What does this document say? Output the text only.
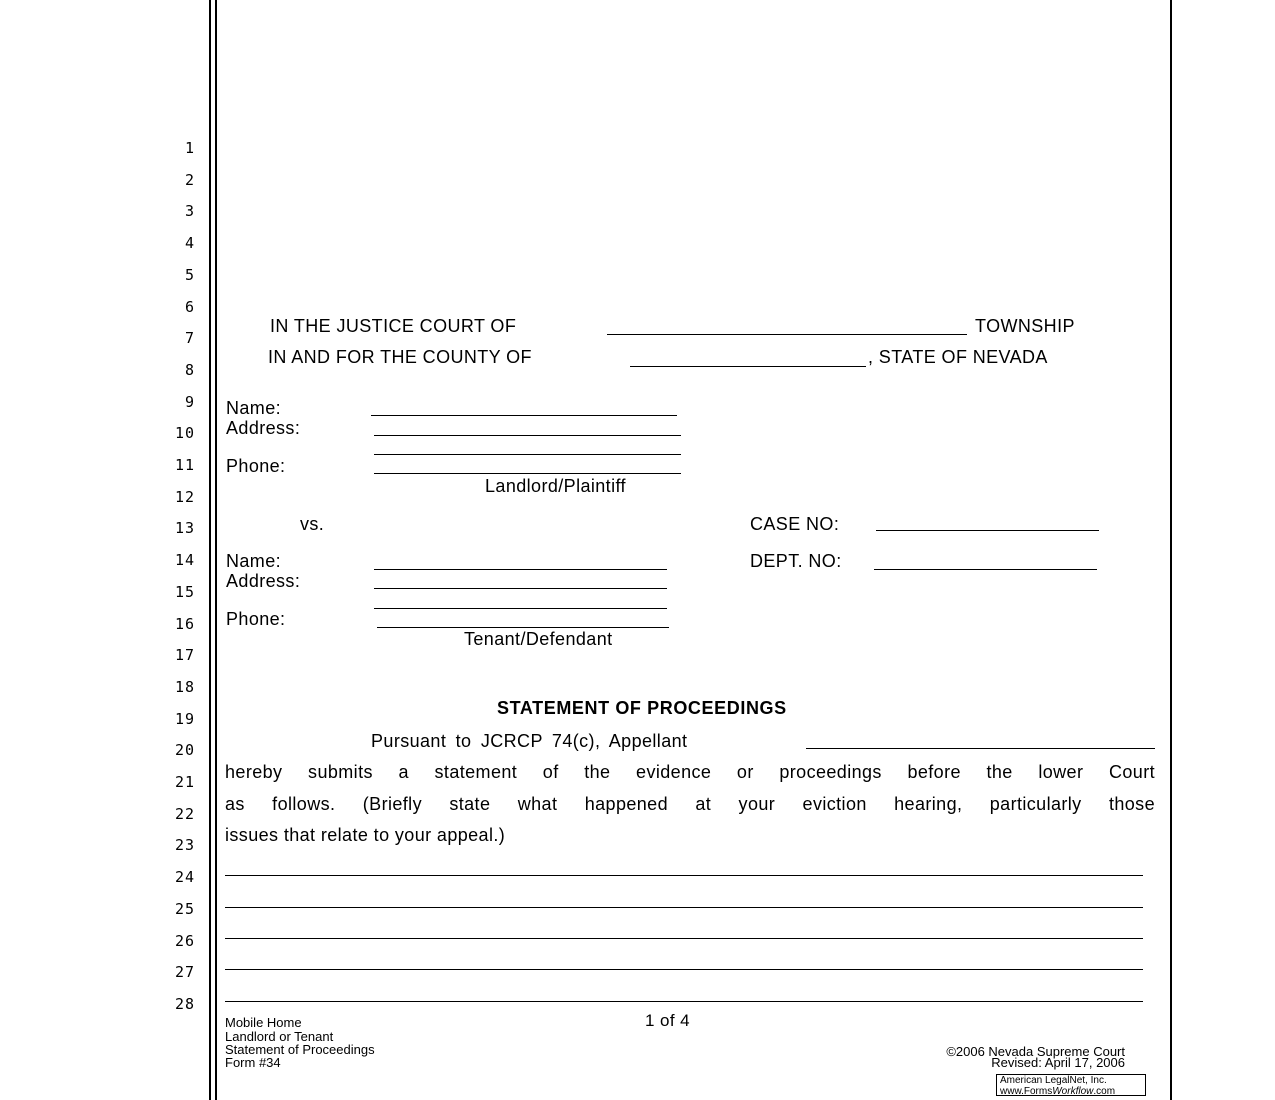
1
2
3
4
5
6
7
8
9
10
11
12
13
14
15
16
17
18
19
20
21
22
23
24
25
26
27
28
IN THE JUSTICE COURT OF	TOWNSHIP
IN AND FOR THE COUNTY OF	, STATE OF NEVADA
Name:
Address:
Phone:
Landlord/Plaintiff
vs.	CASE NO:
DEPT. NO:
Name:
Address:
Phone:
Tenant/Defendant
STATEMENT OF PROCEEDINGS
Pursuant to JCRCP 74(c), Appellant
hereby submits a statement of the evidence or proceedings before the lower Court
as follows. (Briefly state what happened at your eviction hearing, particularly those
issues that relate to your appeal.)
Mobile Home
Landlord or Tenant
Statement of Proceedings
Form #34
1 of 4
©2006 Nevada Supreme Court
Revised: April 17, 2006
American LegalNet, Inc.
www.FormsWorkflow.com
